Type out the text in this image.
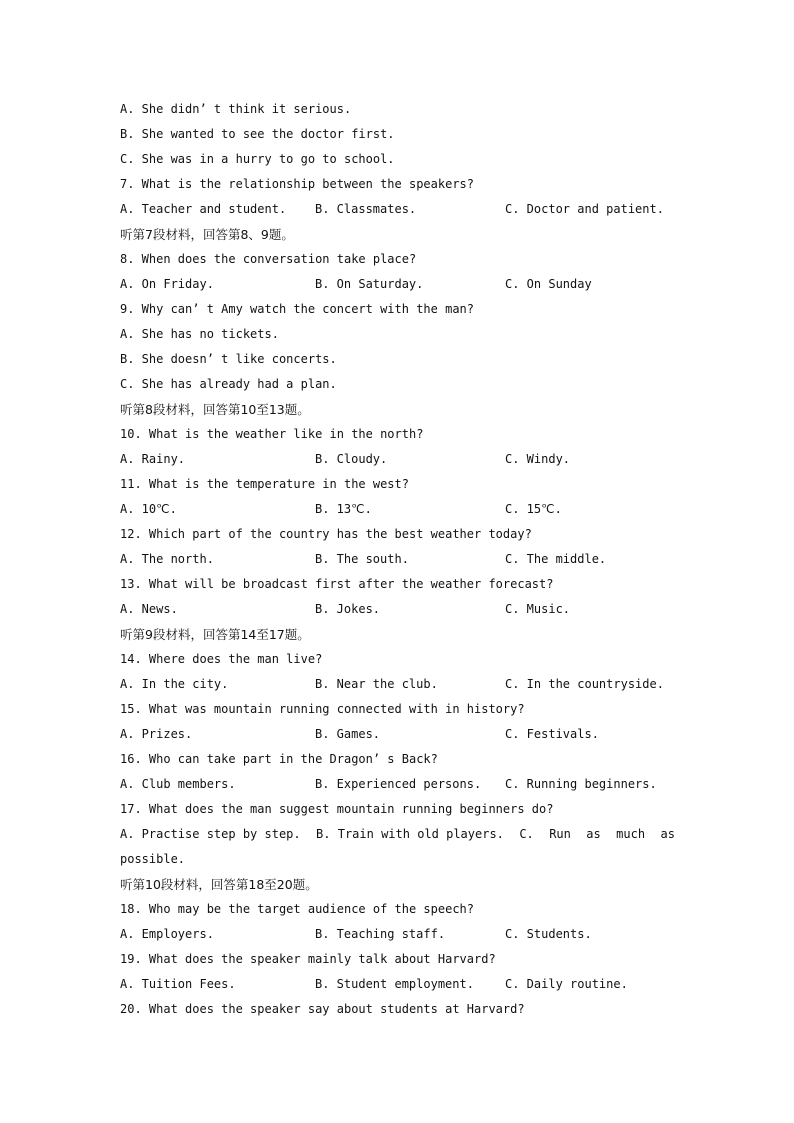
A. She didn’ t think it serious.
B. She wanted to see the doctor first.
C. She was in a hurry to go to school.
7. What is the relationship between the speakers?
A. Teacher and student. B. Classmates.	C. Doctor and patient.
听第7段材料，回答第8、9题。
8. When does the conversation take place?
A. On Friday.	B. On Saturday.	C. On Sunday
9. Why can’ t Amy watch the concert with the man?
A. She has no tickets.
B. She doesn’ t like concerts.
C. She has already had a plan.
听第8段材料，回答第10至13题。
10. What is the weather like in the north?
A. Rainy.	B. Cloudy.	C. Windy.
11. What is the temperature in the west?
A. 10℃.	B. 13℃.	C. 15℃.
12. Which part of the country has the best weather today?
A. The north.	B. The south.	C. The middle.
13. What will be broadcast first after the weather forecast?
A. News.	B. Jokes.	C. Music.
听第9段材料，回答第14至17题。
14. Where does the man live?
A. In the city.	B. Near the club.	C. In the countryside.
15. What was mountain running connected with in history?
A. Prizes.	B. Games.	C. Festivals.
16. Who can take part in the Dragon’ s Back?
A. Club members.	B. Experienced persons. C. Running beginners.
17. What does the man suggest mountain running beginners do?
A. Practise step by step. B. Train with old players. C. Run as much as
possible.
听第10段材料，回答第18至20题。
18. Who may be the target audience of the speech?
A. Employers.	B. Teaching staff.	C. Students.
19. What does the speaker mainly talk about Harvard?
A. Tuition Fees.	B. Student employment.	C. Daily routine.
20. What does the speaker say about students at Harvard?
